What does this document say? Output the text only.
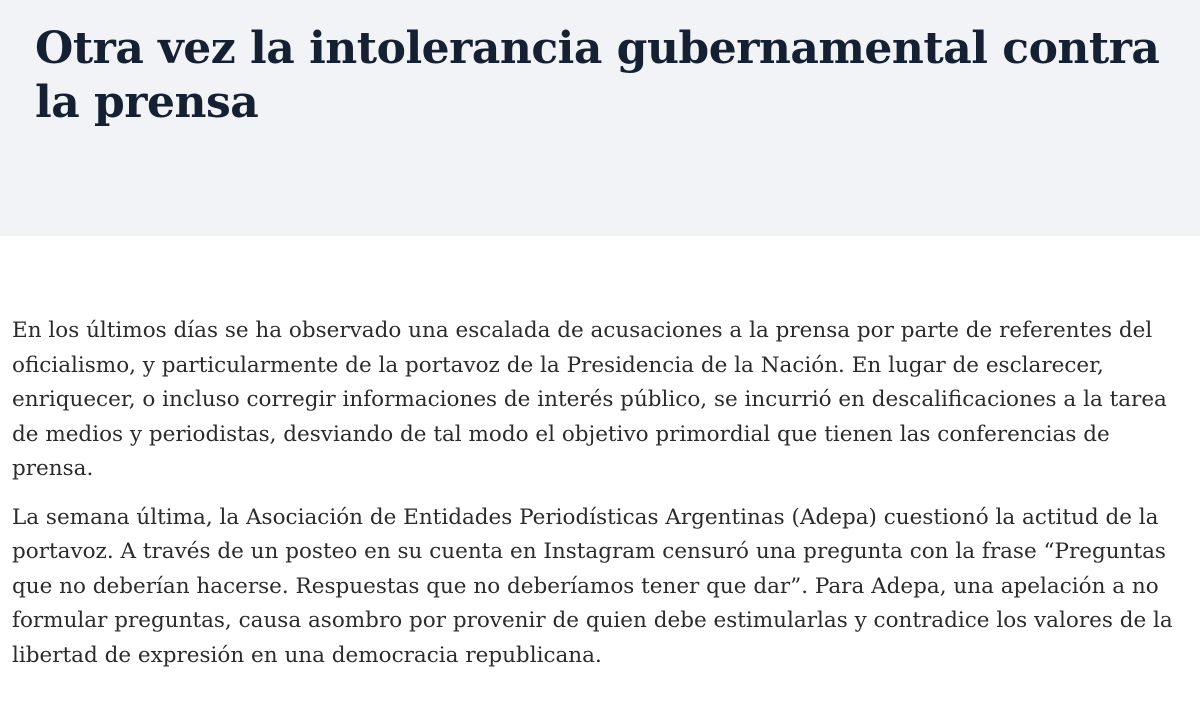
Otra vez la intolerancia gubernamental contra la prensa

En los últimos días se ha observado una escalada de acusaciones a la prensa por parte de referentes del oficialismo, y particularmente de la portavoz de la Presidencia de la Nación. En lugar de esclarecer, enriquecer, o incluso corregir informaciones de interés público, se incurrió en descalificaciones a la tarea de medios y periodistas, desviando de tal modo el objetivo primordial que tienen las conferencias de prensa.

La semana última, la Asociación de Entidades Periodísticas Argentinas (Adepa) cuestionó la actitud de la portavoz. A través de un posteo en su cuenta en Instagram censuró una pregunta con la frase “Preguntas que no deberían hacerse. Respuestas que no deberíamos tener que dar”. Para Adepa, una apelación a no formular preguntas, causa asombro por provenir de quien debe estimularlas y contradice los valores de la libertad de expresión en una democracia republicana.
